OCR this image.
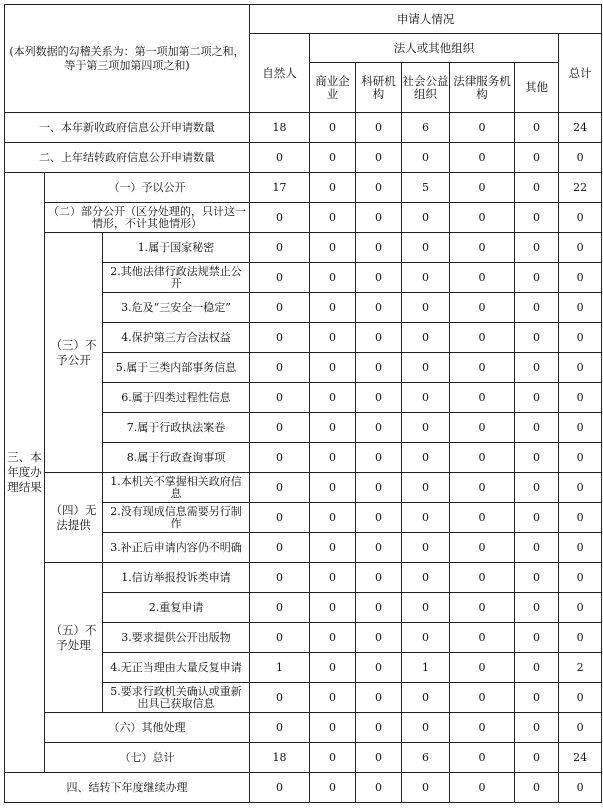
(本列数据的勾稽关系为：第一项加第二项之和，等于第三项加第四项之和)			申请人情况						
			自然人	法人或其他组织					总计
				商业企业	科研机构	社会公益组织	法律服务机构	其他	
一、本年新收政府信息公开申请数量			18	0	0	6	0	0	24
二、上年结转政府信息公开申请数量			0	0	0	0	0	0	0
三、本年度办理结果	（一）予以公开		17	0	0	5	0	0	22
	（二）部分公开（区分处理的，只计这一情形，不计其他情形）		0	0	0	0	0	0	0
	（三）不予公开	1.属于国家秘密	0	0	0	0	0	0	0
		2.其他法律行政法规禁止公开	0	0	0	0	0	0	0
		3.危及“三安全一稳定”	0	0	0	0	0	0	0
		4.保护第三方合法权益	0	0	0	0	0	0	0
		5.属于三类内部事务信息	0	0	0	0	0	0	0
		6.属于四类过程性信息	0	0	0	0	0	0	0
		7.属于行政执法案卷	0	0	0	0	0	0	0
		8.属于行政查询事项	0	0	0	0	0	0	0
	（四）无法提供	1.本机关不掌握相关政府信息	0	0	0	0	0	0	0
		2.没有现成信息需要另行制作	0	0	0	0	0	0	0
		3.补正后申请内容仍不明确	0	0	0	0	0	0	0
	（五）不予处理	1.信访举报投诉类申请	0	0	0	0	0	0	0
		2.重复申请	0	0	0	0	0	0	0
		3.要求提供公开出版物	0	0	0	0	0	0	0
		4.无正当理由大量反复申请	1	0	0	1	0	0	2
		5.要求行政机关确认或重新出具已获取信息	0	0	0	0	0	0	0
	（六）其他处理		0	0	0	0	0	0	0
	（七）总计		18	0	0	6	0	0	24
四、结转下年度继续办理			0	0	0	0	0	0	0
